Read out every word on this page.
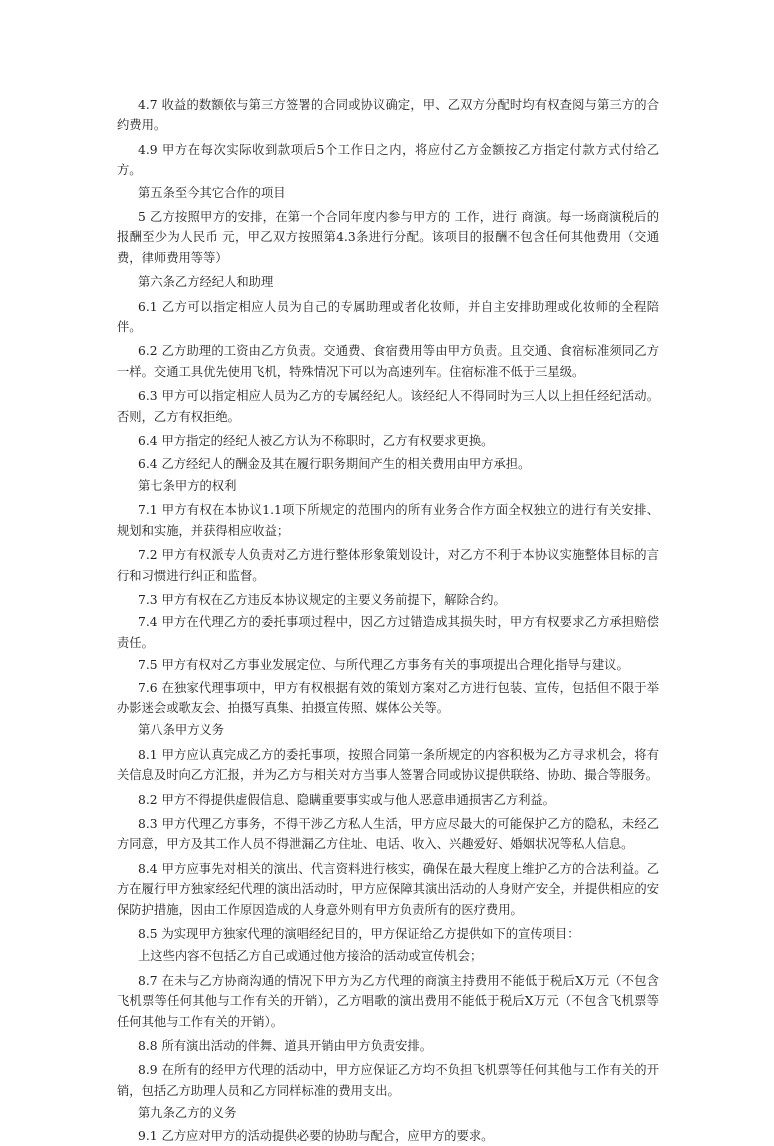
4.7 收益的数额依与第三方签署的合同或协议确定，甲、乙双方分配时均有权查阅与第三方的合约费用。

4.9 甲方在每次实际收到款项后5个工作日之内，将应付乙方金额按乙方指定付款方式付给乙方。

第五条至今其它合作的项目

5 乙方按照甲方的安排，在第一个合同年度内参与甲方的 工作，进行 商演。每一场商演税后的报酬至少为人民币 元，甲乙双方按照第4.3条进行分配。该项目的报酬不包含任何其他费用（交通费，律师费用等等）

第六条乙方经纪人和助理

6.1 乙方可以指定相应人员为自己的专属助理或者化妆师，并自主安排助理或化妆师的全程陪伴。

6.2 乙方助理的工资由乙方负责。交通费、食宿费用等由甲方负责。且交通、食宿标准须同乙方一样。交通工具优先使用飞机，特殊情况下可以为高速列车。住宿标准不低于三星级。

6.3 甲方可以指定相应人员为乙方的专属经纪人。该经纪人不得同时为三人以上担任经纪活动。否则，乙方有权拒绝。

6.4 甲方指定的经纪人被乙方认为不称职时，乙方有权要求更换。

6.4 乙方经纪人的酬金及其在履行职务期间产生的相关费用由甲方承担。

第七条甲方的权利

7.1 甲方有权在本协议1.1项下所规定的范围内的所有业务合作方面全权独立的进行有关安排、规划和实施，并获得相应收益；

7.2 甲方有权派专人负责对乙方进行整体形象策划设计，对乙方不利于本协议实施整体目标的言行和习惯进行纠正和监督。

7.3 甲方有权在乙方违反本协议规定的主要义务前提下，解除合约。

7.4 甲方在代理乙方的委托事项过程中，因乙方过错造成其损失时，甲方有权要求乙方承担赔偿责任。

7.5 甲方有权对乙方事业发展定位、与所代理乙方事务有关的事项提出合理化指导与建议。

7.6 在独家代理事项中，甲方有权根据有效的策划方案对乙方进行包装、宣传，包括但不限于举办影迷会或歌友会、拍摄写真集、拍摄宣传照、媒体公关等。

第八条甲方义务

8.1 甲方应认真完成乙方的委托事项，按照合同第一条所规定的内容积极为乙方寻求机会，将有关信息及时向乙方汇报，并为乙方与相关对方当事人签署合同或协议提供联络、协助、撮合等服务。

8.2 甲方不得提供虚假信息、隐瞒重要事实或与他人恶意串通损害乙方利益。

8.3 甲方代理乙方事务，不得干涉乙方私人生活，甲方应尽最大的可能保护乙方的隐私，未经乙方同意，甲方及其工作人员不得泄漏乙方住址、电话、收入、兴趣爱好、婚姻状况等私人信息。

8.4 甲方应事先对相关的演出、代言资料进行核实，确保在最大程度上维护乙方的合法利益。乙方在履行甲方独家经纪代理的演出活动时，甲方应保障其演出活动的人身财产安全，并提供相应的安保防护措施，因由工作原因造成的人身意外则有甲方负责所有的医疗费用。

8.5 为实现甲方独家代理的演唱经纪目的，甲方保证给乙方提供如下的宣传项目：

上这些内容不包括乙方自己或通过他方接洽的活动或宣传机会；

8.7 在未与乙方协商沟通的情况下甲方为乙方代理的商演主持费用不能低于税后X万元（不包含飞机票等任何其他与工作有关的开销），乙方唱歌的演出费用不能低于税后X万元（不包含飞机票等任何其他与工作有关的开销）。

8.8 所有演出活动的伴舞、道具开销由甲方负责安排。

8.9 在所有的经甲方代理的活动中，甲方应保证乙方均不负担飞机票等任何其他与工作有关的开销，包括乙方助理人员和乙方同样标准的费用支出。

第九条乙方的义务

9.1 乙方应对甲方的活动提供必要的协助与配合，应甲方的要求。
